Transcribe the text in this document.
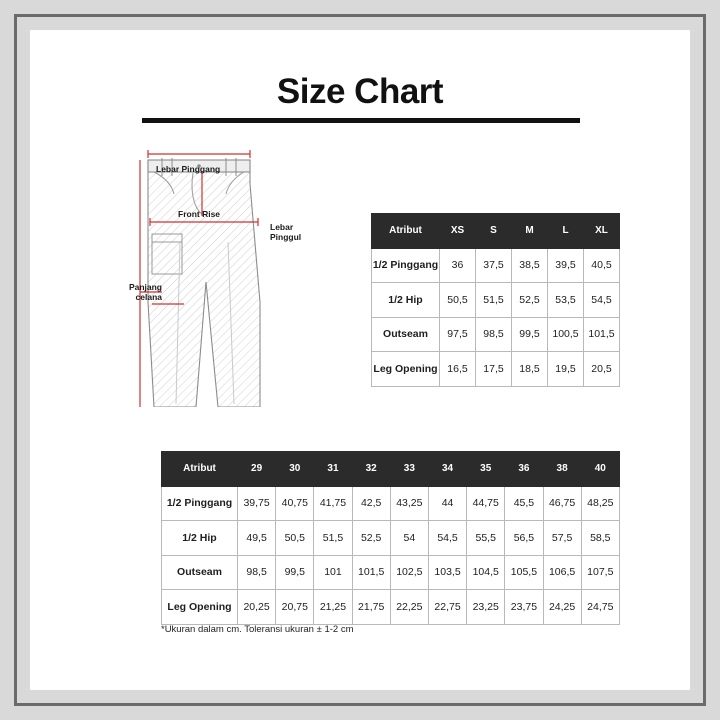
Size Chart
Lebar Pinggang
Front Rise
Lebar Pinggul
Panjang celana
Atribut	XS	S	M	L	XL
1/2 Pinggang	36	37,5	38,5	39,5	40,5
1/2 Hip	50,5	51,5	52,5	53,5	54,5
Outseam	97,5	98,5	99,5	100,5	101,5
Leg Opening	16,5	17,5	18,5	19,5	20,5
Atribut	29	30	31	32	33	34	35	36	38	40
1/2 Pinggang	39,75	40,75	41,75	42,5	43,25	44	44,75	45,5	46,75	48,25
1/2 Hip	49,5	50,5	51,5	52,5	54	54,5	55,5	56,5	57,5	58,5
Outseam	98,5	99,5	101	101,5	102,5	103,5	104,5	105,5	106,5	107,5
Leg Opening	20,25	20,75	21,25	21,75	22,25	22,75	23,25	23,75	24,25	24,75
*Ukuran dalam cm. Toleransi ukuran ± 1-2 cm
